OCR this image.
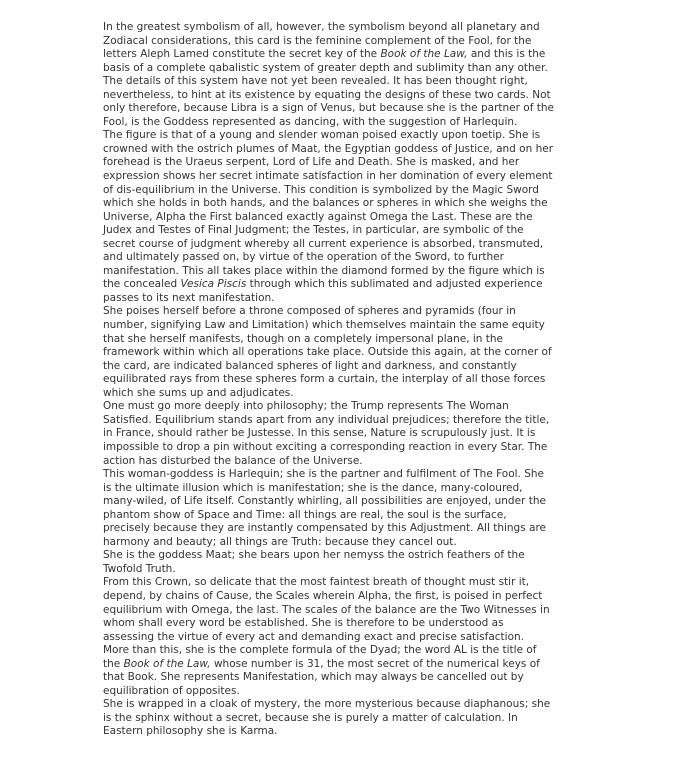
In the greatest symbolism of all, however, the symbolism beyond all planetary and
Zodiacal considerations, this card is the feminine complement of the Fool, for the
letters Aleph Lamed constitute the secret key of the Book of the Law, and this is the
basis of a complete qabalistic system of greater depth and sublimity than any other.
The details of this system have not yet been revealed. It has been thought right,
nevertheless, to hint at its existence by equating the designs of these two cards. Not
only therefore, because Libra is a sign of Venus, but because she is the partner of the
Fool, is the Goddess represented as dancing, with the suggestion of Harlequin.
The figure is that of a young and slender woman poised exactly upon toetip. She is
crowned with the ostrich plumes of Maat, the Egyptian goddess of Justice, and on her
forehead is the Uraeus serpent, Lord of Life and Death. She is masked, and her
expression shows her secret intimate satisfaction in her domination of every element
of dis-equilibrium in the Universe. This condition is symbolized by the Magic Sword
which she holds in both hands, and the balances or spheres in which she weighs the
Universe, Alpha the First balanced exactly against Omega the Last. These are the
Judex and Testes of Final Judgment; the Testes, in particular, are symbolic of the
secret course of judgment whereby all current experience is absorbed, transmuted,
and ultimately passed on, by virtue of the operation of the Sword, to further
manifestation. This all takes place within the diamond formed by the figure which is
the concealed Vesica Piscis through which this sublimated and adjusted experience
passes to its next manifestation.
She poises herself before a throne composed of spheres and pyramids (four in
number, signifying Law and Limitation) which themselves maintain the same equity
that she herself manifests, though on a completely impersonal plane, in the
framework within which all operations take place. Outside this again, at the corner of
the card, are indicated balanced spheres of light and darkness, and constantly
equilibrated rays from these spheres form a curtain, the interplay of all those forces
which she sums up and adjudicates.
One must go more deeply into philosophy; the Trump represents The Woman
Satisfied. Equilibrium stands apart from any individual prejudices; therefore the title,
in France, should rather be Justesse. In this sense, Nature is scrupulously just. It is
impossible to drop a pin without exciting a corresponding reaction in every Star. The
action has disturbed the balance of the Universe.
This woman-goddess is Harlequin; she is the partner and fulfilment of The Fool. She
is the ultimate illusion which is manifestation; she is the dance, many-coloured,
many-wiled, of Life itself. Constantly whirling, all possibilities are enjoyed, under the
phantom show of Space and Time: all things are real, the soul is the surface,
precisely because they are instantly compensated by this Adjustment. All things are
harmony and beauty; all things are Truth: because they cancel out.
She is the goddess Maat; she bears upon her nemyss the ostrich feathers of the
Twofold Truth.
From this Crown, so delicate that the most faintest breath of thought must stir it,
depend, by chains of Cause, the Scales wherein Alpha, the first, is poised in perfect
equilibrium with Omega, the last. The scales of the balance are the Two Witnesses in
whom shall every word be established. She is therefore to be understood as
assessing the virtue of every act and demanding exact and precise satisfaction.
More than this, she is the complete formula of the Dyad; the word AL is the title of
the Book of the Law, whose number is 31, the most secret of the numerical keys of
that Book. She represents Manifestation, which may always be cancelled out by
equilibration of opposites.
She is wrapped in a cloak of mystery, the more mysterious because diaphanous; she
is the sphinx without a secret, because she is purely a matter of calculation. In
Eastern philosophy she is Karma.
